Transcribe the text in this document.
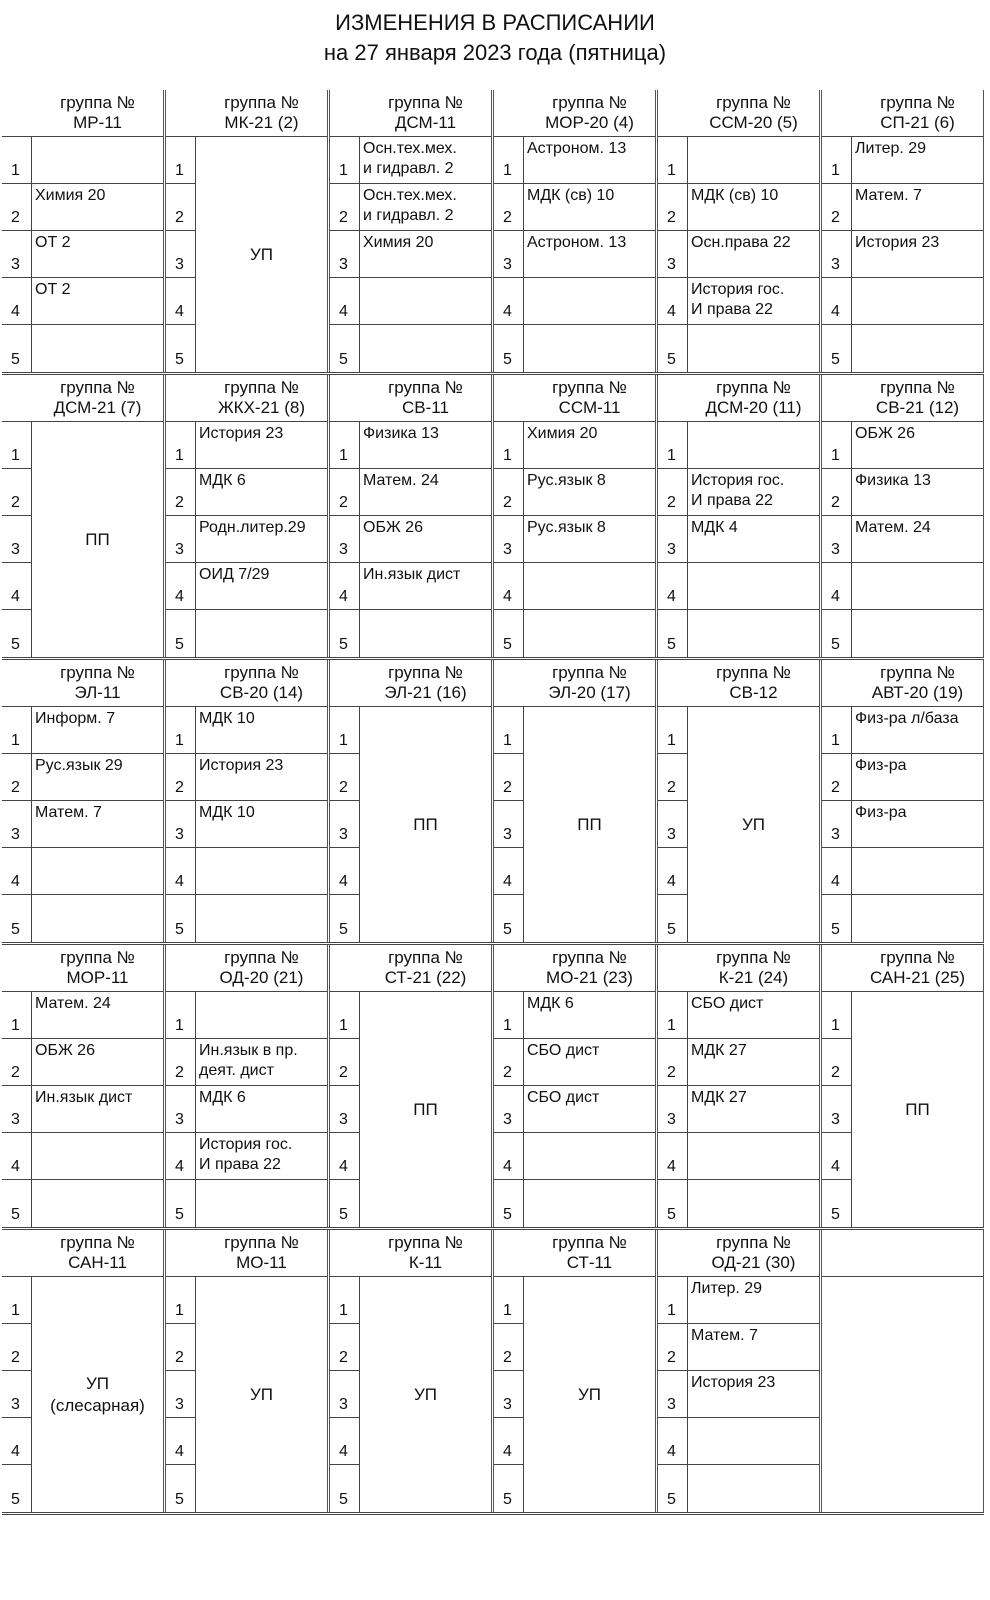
ИЗМЕНЕНИЯ В РАСПИСАНИИ
на 27 января 2023 года (пятница)
группа №
МР-11
1
2
3
4
5
Химия 20
ОТ 2
ОТ 2
группа №
МК-21 (2)
1
2
3
4
5
УП
группа №
ДСМ-11
1
2
3
4
5
Осн.тех.мех.
и гидравл. 2
Осн.тех.мех.
и гидравл. 2
Химия 20
группа №
МОР-20 (4)
1
2
3
4
5
Астроном. 13
МДК (св) 10
Астроном. 13
группа №
ССМ-20 (5)
1
2
3
4
5
МДК (св) 10
Осн.права 22
История гос.
И права 22
группа №
СП-21 (6)
1
2
3
4
5
Литер. 29
Матем. 7
История 23
группа №
ДСМ-21 (7)
1
2
3
4
5
ПП
группа №
ЖКХ-21 (8)
1
2
3
4
5
История 23
МДК 6
Родн.литер.29
ОИД 7/29
группа №
СВ-11
1
2
3
4
5
Физика 13
Матем. 24
ОБЖ 26
Ин.язык дист
группа №
ССМ-11
1
2
3
4
5
Химия 20
Рус.язык 8
Рус.язык 8
группа №
ДСМ-20 (11)
1
2
3
4
5
История гос.
И права 22
МДК 4
группа №
СВ-21 (12)
1
2
3
4
5
ОБЖ 26
Физика 13
Матем. 24
группа №
ЭЛ-11
1
2
3
4
5
Информ. 7
Рус.язык 29
Матем. 7
группа №
СВ-20 (14)
1
2
3
4
5
МДК 10
История 23
МДК 10
группа №
ЭЛ-21 (16)
1
2
3
4
5
ПП
группа №
ЭЛ-20 (17)
1
2
3
4
5
ПП
группа №
СВ-12
1
2
3
4
5
УП
группа №
АВТ-20 (19)
1
2
3
4
5
Физ-ра л/база
Физ-ра
Физ-ра
группа №
МОР-11
1
2
3
4
5
Матем. 24
ОБЖ 26
Ин.язык дист
группа №
ОД-20 (21)
1
2
3
4
5
Ин.язык в пр.
деят. дист
МДК 6
История гос.
И права 22
группа №
СТ-21 (22)
1
2
3
4
5
ПП
группа №
МО-21 (23)
1
2
3
4
5
МДК 6
СБО дист
СБО дист
группа №
К-21 (24)
1
2
3
4
5
СБО дист
МДК 27
МДК 27
группа №
САН-21 (25)
1
2
3
4
5
ПП
группа №
САН-11
1
2
3
4
5
УП
(слесарная)
группа №
МО-11
1
2
3
4
5
УП
группа №
К-11
1
2
3
4
5
УП
группа №
СТ-11
1
2
3
4
5
УП
группа №
ОД-21 (30)
1
2
3
4
5
Литер. 29
Матем. 7
История 23
